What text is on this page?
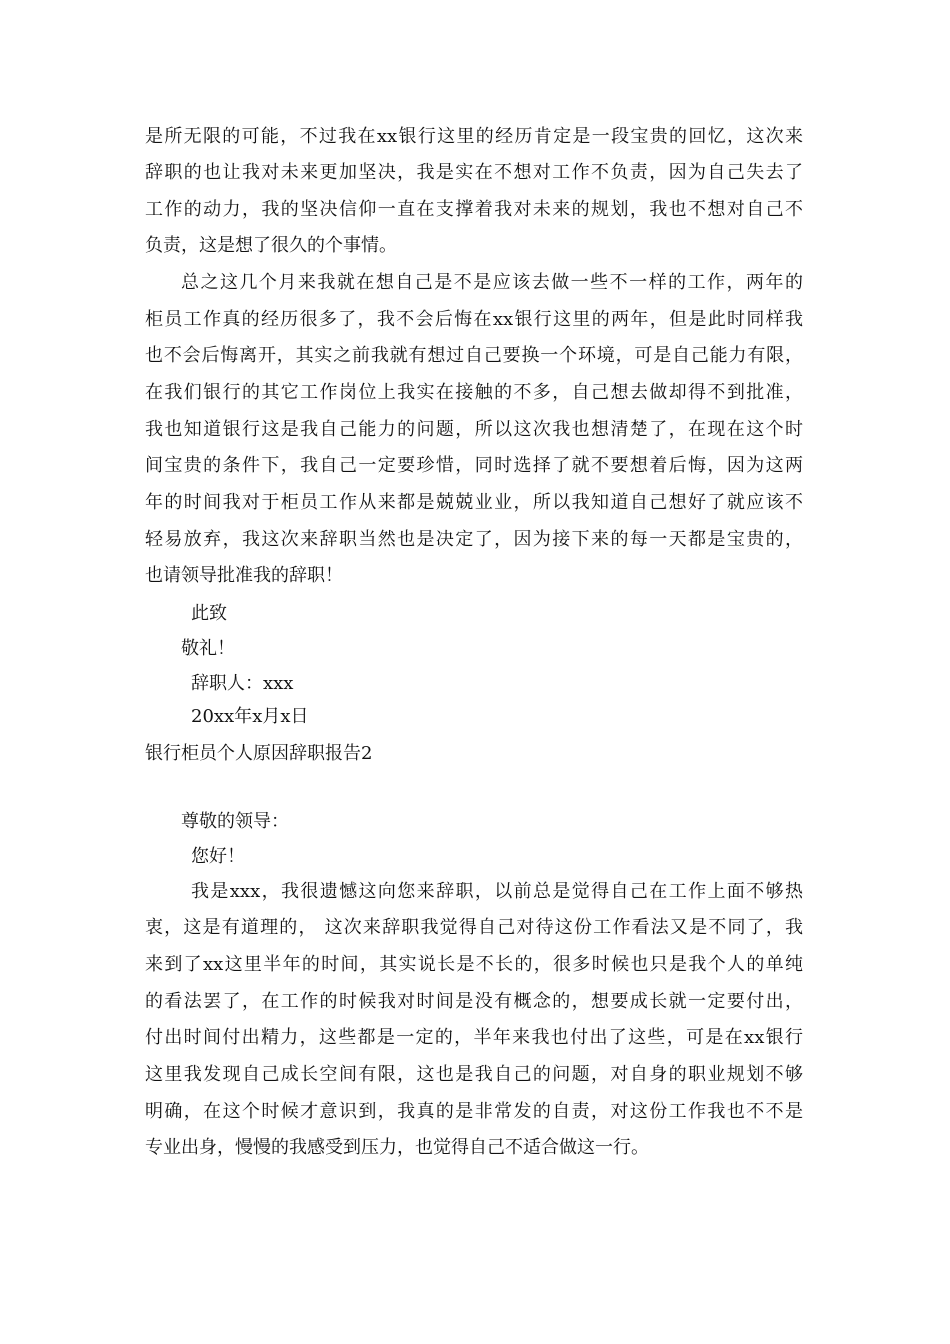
是所无限的可能，不过我在xx银行这里的经历肯定是一段宝贵的回忆，这次来
辞职的也让我对未来更加坚决，我是实在不想对工作不负责，因为自己失去了
工作的动力，我的坚决信仰一直在支撑着我对未来的规划，我也不想对自己不
负责，这是想了很久的个事情。
总之这几个月来我就在想自己是不是应该去做一些不一样的工作，两年的
柜员工作真的经历很多了，我不会后悔在xx银行这里的两年，但是此时同样我
也不会后悔离开，其实之前我就有想过自己要换一个环境，可是自己能力有限，
在我们银行的其它工作岗位上我实在接触的不多，自己想去做却得不到批准，
我也知道银行这是我自己能力的问题，所以这次我也想清楚了，在现在这个时
间宝贵的条件下，我自己一定要珍惜，同时选择了就不要想着后悔，因为这两
年的时间我对于柜员工作从来都是兢兢业业，所以我知道自己想好了就应该不
轻易放弃，我这次来辞职当然也是决定了，因为接下来的每一天都是宝贵的，
也请领导批准我的辞职！
此致
敬礼！
辞职人：xxx
20xx年x月x日
银行柜员个人原因辞职报告2
尊敬的领导：
您好！
我是xxx，我很遗憾这向您来辞职，以前总是觉得自己在工作上面不够热
衷，这是有道理的， 这次来辞职我觉得自己对待这份工作看法又是不同了，我
来到了xx这里半年的时间，其实说长是不长的，很多时候也只是我个人的单纯
的看法罢了，在工作的时候我对时间是没有概念的，想要成长就一定要付出，
付出时间付出精力，这些都是一定的，半年来我也付出了这些，可是在xx银行
这里我发现自己成长空间有限，这也是我自己的问题，对自身的职业规划不够
明确，在这个时候才意识到，我真的是非常发的自责，对这份工作我也不不是
专业出身，慢慢的我感受到压力，也觉得自己不适合做这一行。
